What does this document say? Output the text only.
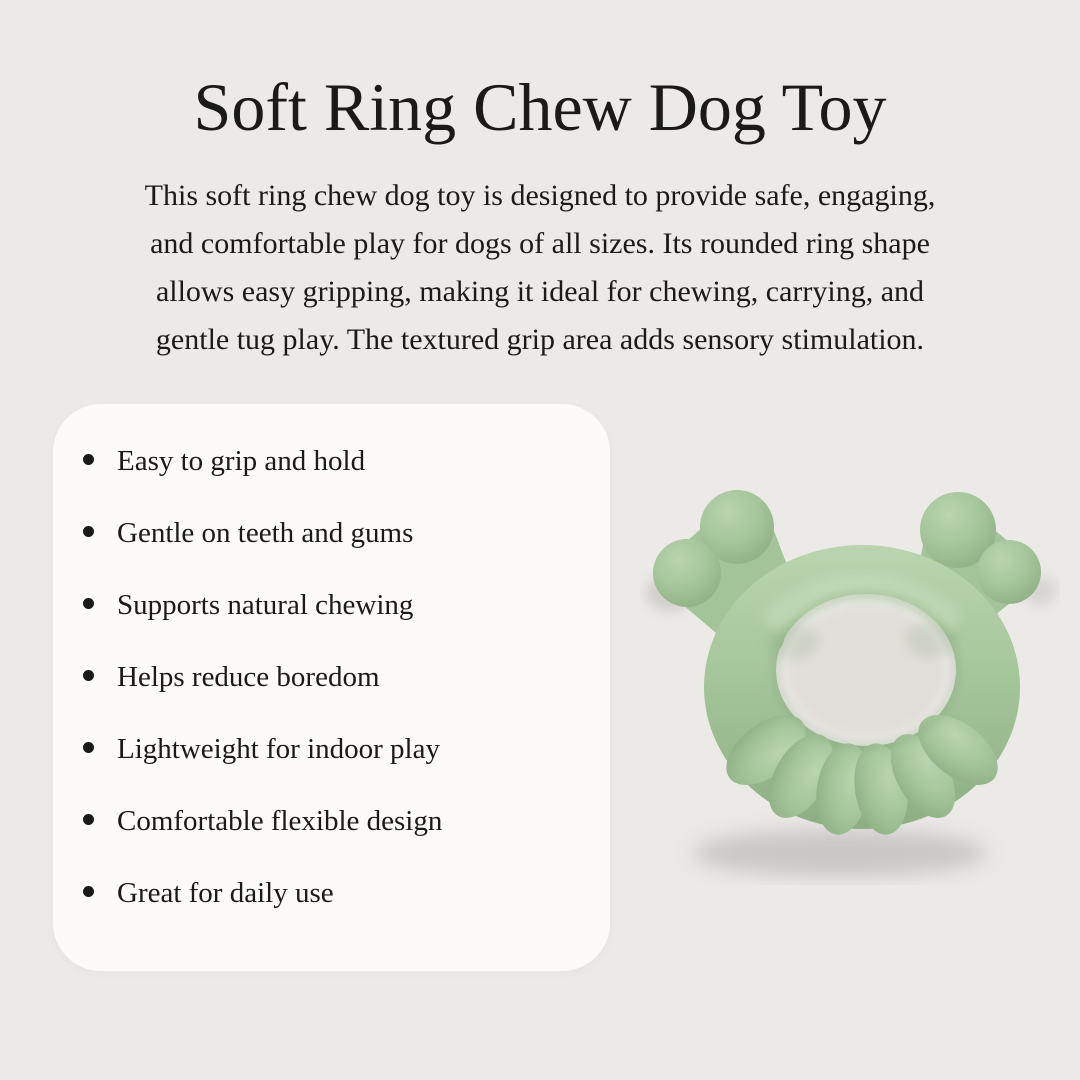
Soft Ring Chew Dog Toy
This soft ring chew dog toy is designed to provide safe, engaging,
and comfortable play for dogs of all sizes. Its rounded ring shape
allows easy gripping, making it ideal for chewing, carrying, and
gentle tug play. The textured grip area adds sensory stimulation.
Easy to grip and hold
Gentle on teeth and gums
Supports natural chewing
Helps reduce boredom
Lightweight for indoor play
Comfortable flexible design
Great for daily use
